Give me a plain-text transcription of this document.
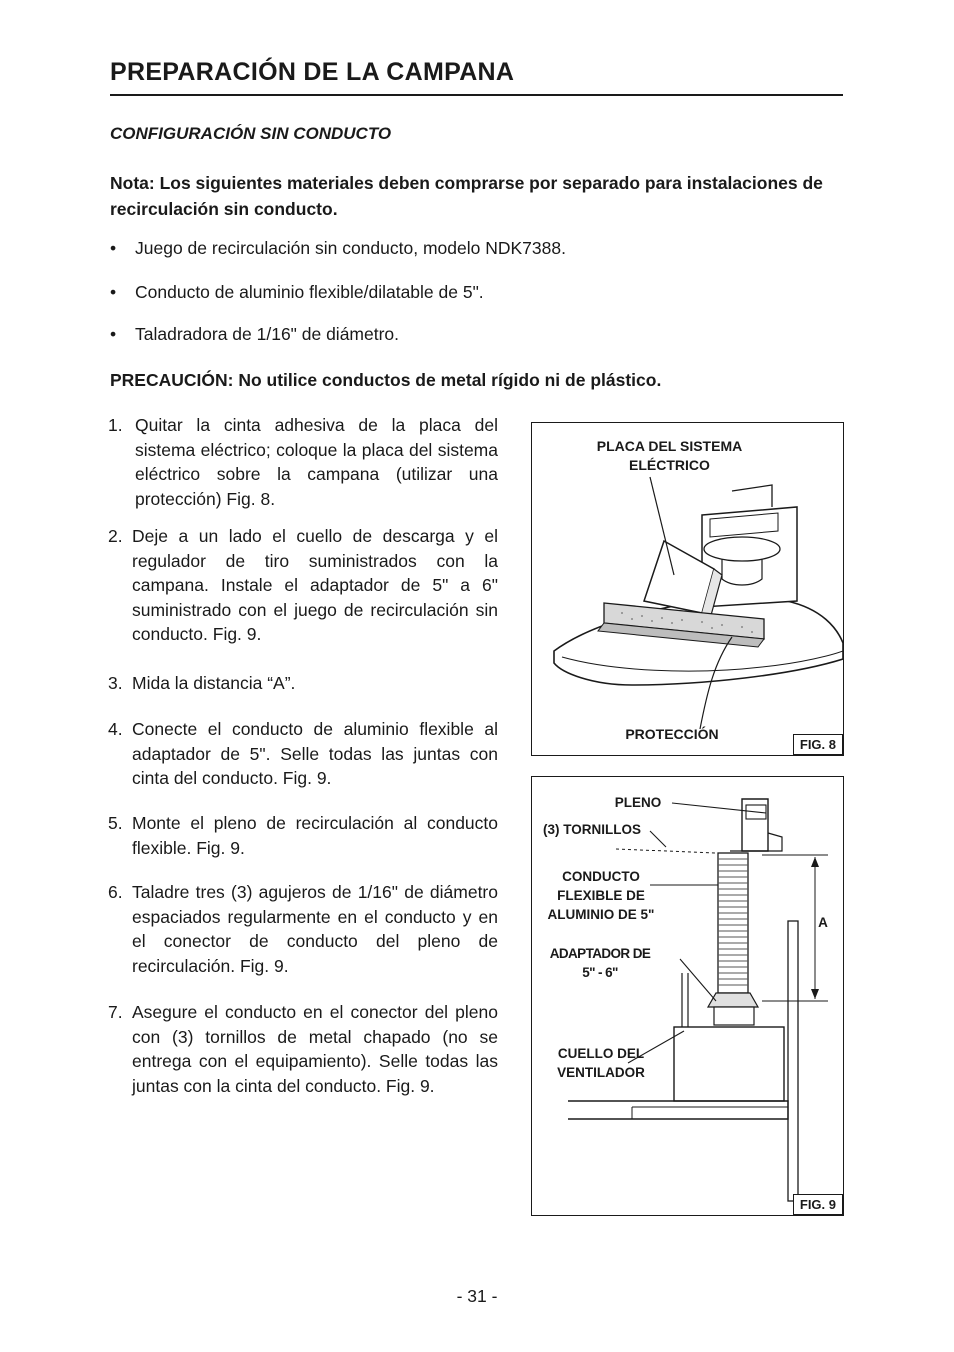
PREPARACIÓN DE LA CAMPANA
CONFIGURACIÓN SIN CONDUCTO
Nota: Los siguientes materiales deben comprarse por separado para instalaciones de recirculación sin conducto.
• Juego de recirculación sin conducto, modelo NDK7388.
• Conducto de aluminio flexible/dilatable de 5".
• Taladradora de 1/16" de diámetro.
PRECAUCIÓN: No utilice conductos de metal rígido ni de plástico.
1. Quitar la cinta adhesiva de la placa del sistema eléctrico; coloque la placa del sistema eléctrico sobre la campana (utilizar una protección) Fig. 8.
2. Deje a un lado el cuello de descarga y el regulador de tiro suministrados con la campana. Instale el adaptador de 5" a 6" suministrado con el juego de recirculación sin conducto. Fig. 9.
3. Mida la distancia “A”.
4. Conecte el conducto de aluminio flexible al adaptador de 5". Selle todas las juntas con cinta del conducto. Fig. 9.
5. Monte el pleno de recirculación al conducto flexible. Fig. 9.
6. Taladre tres (3) agujeros de 1/16" de diámetro espaciados regularmente en el conducto y en el conector de conducto del pleno de recirculación. Fig. 9.
7. Asegure el conducto en el conector del pleno con (3) tornillos de metal chapado (no se entrega con el equipamiento). Selle todas las juntas con la cinta del conducto. Fig. 9.
PLACA DEL SISTEMA
ELÉCTRICO
PROTECCIÓN
FIG. 8
PLENO
(3) TORNILLOS
CONDUCTO
FLEXIBLE DE
ALUMINIO DE 5"
ADAPTADOR DE
5" - 6"
CUELLO DEL
VENTILADOR
A
FIG. 9
- 31 -
